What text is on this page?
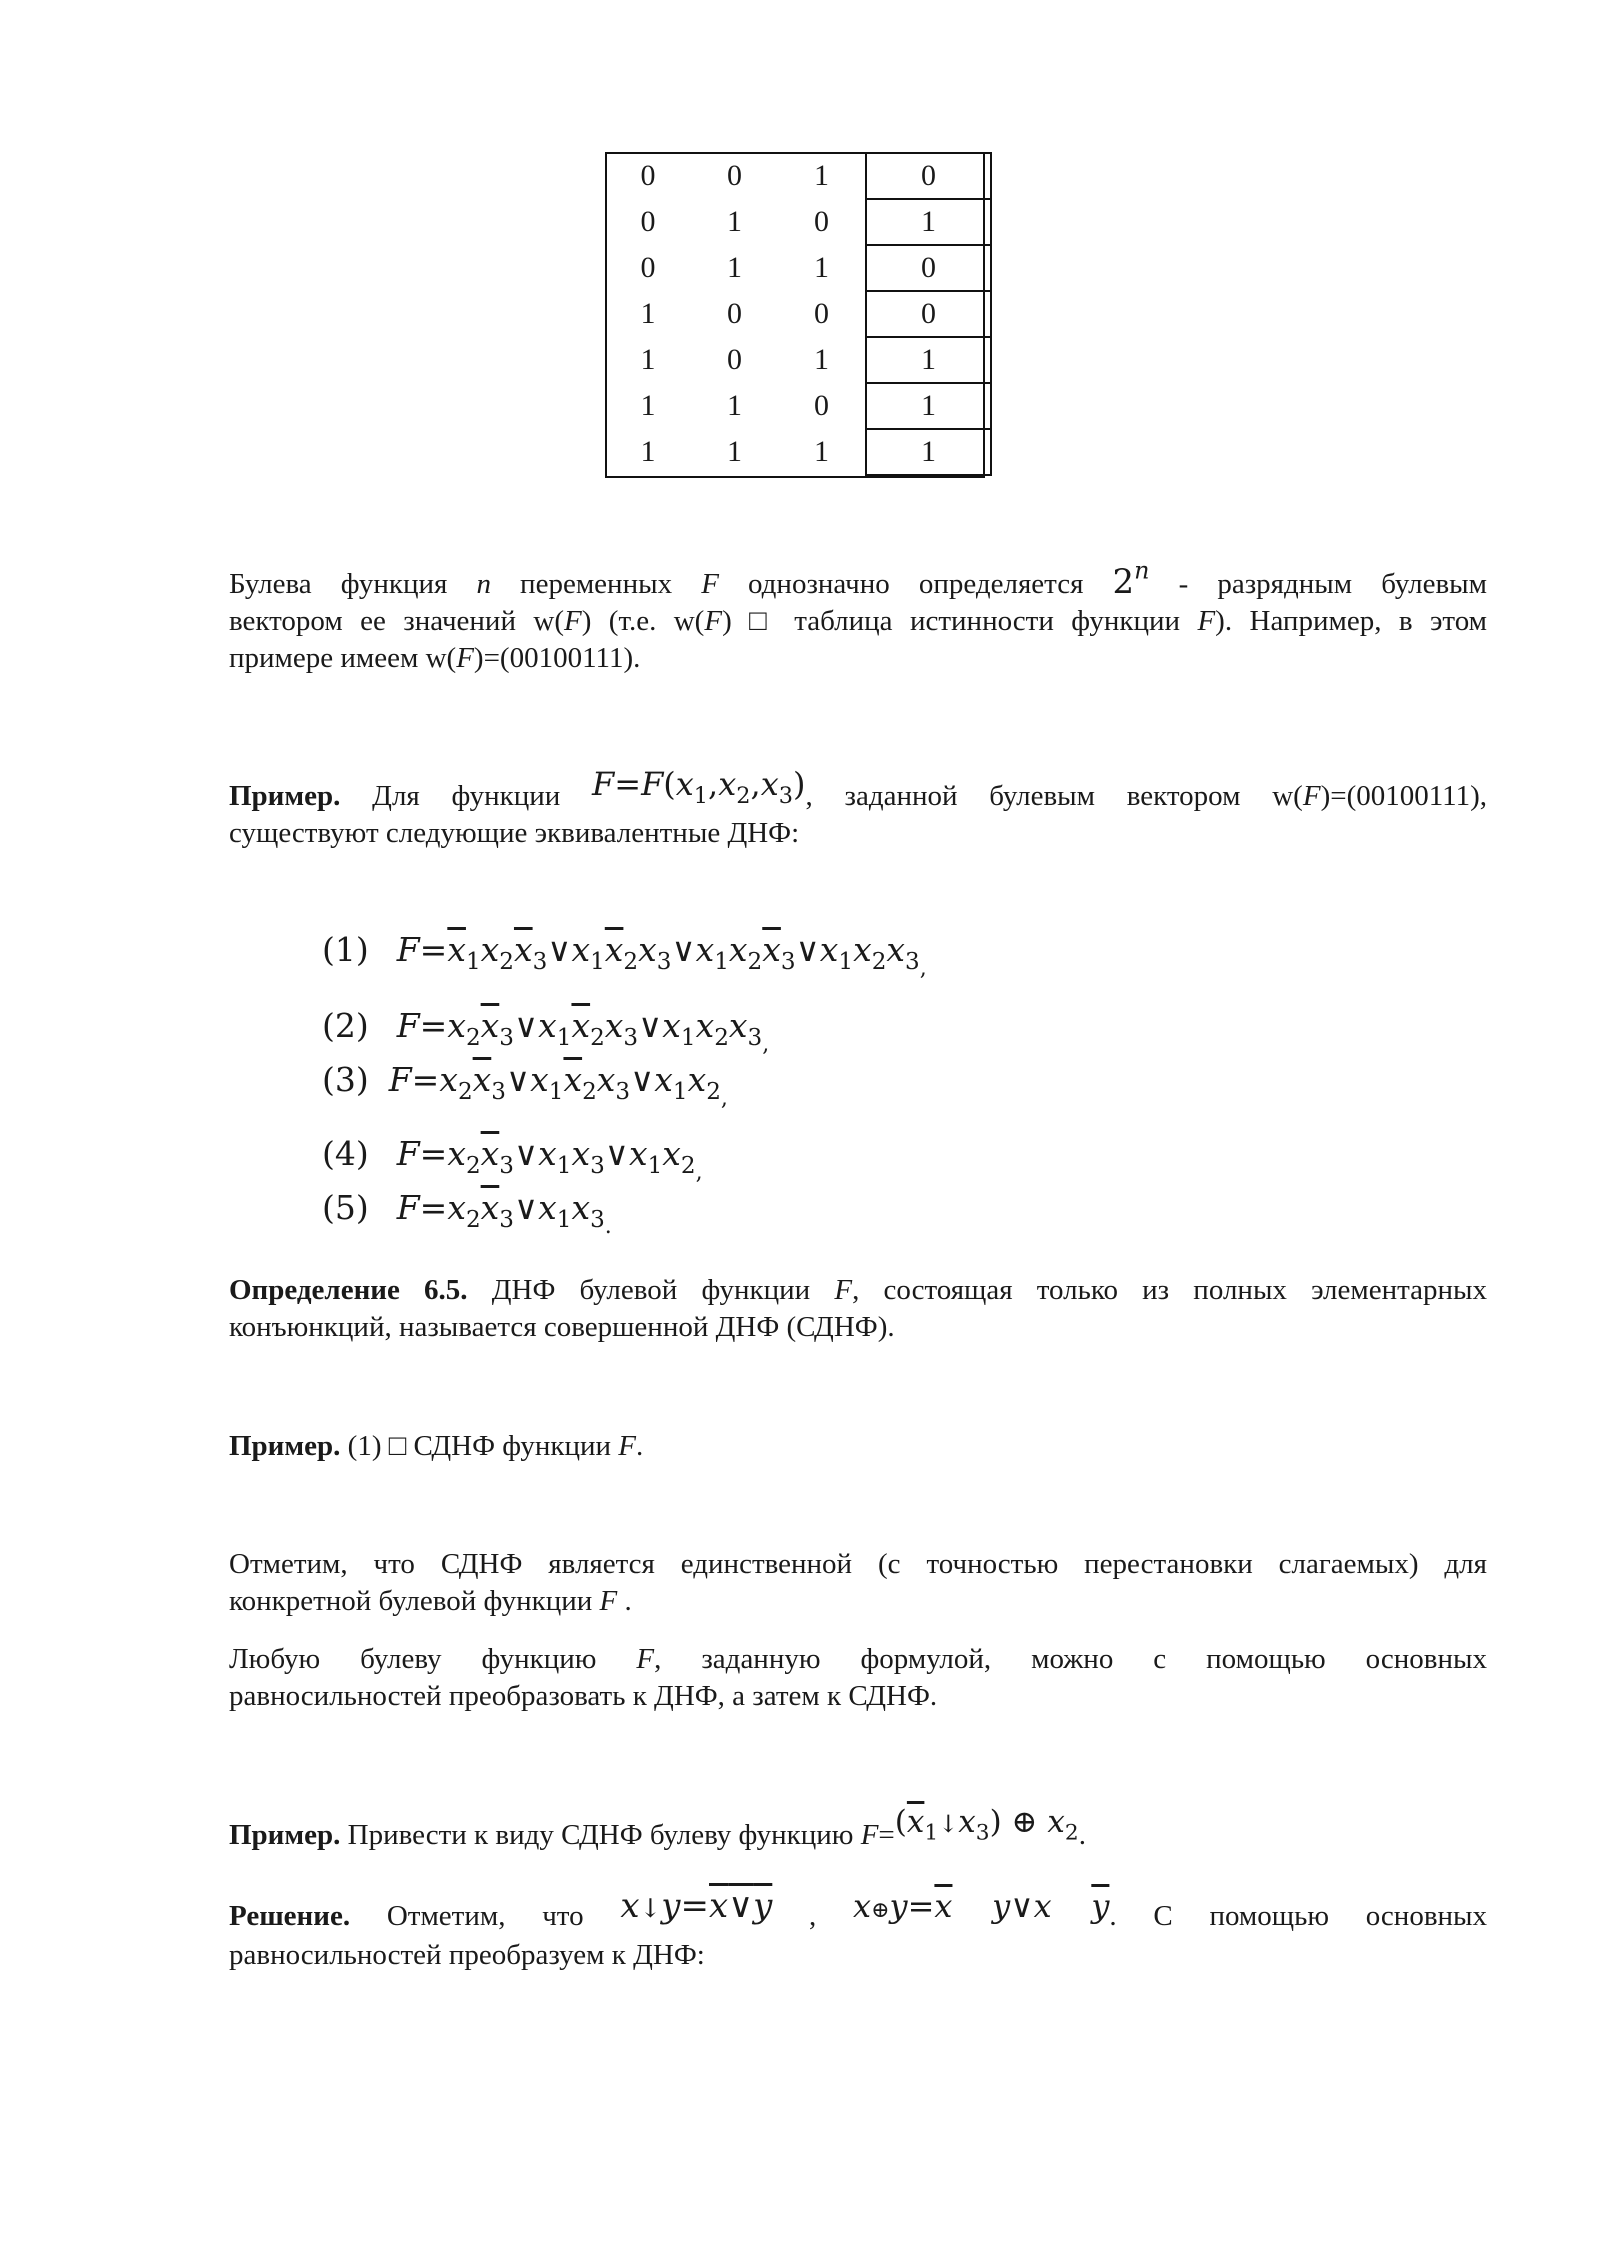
0	0	1	0
0	1	0	1
0	1	1	0
1	0	0	0
1	0	1	1
1	1	0	1
1	1	1	1
Булева функция n переменных F однозначно определяется 2$^n$ - разрядным булевым
вектором ее значений w(F) (т.е. w(F) □ таблица истинности функции F). Например, в этом
примере имеем w(F)=(00100111).
Пример. Для функции $F=F(x_1,x_2,x_3)$, заданной булевым вектором w(F)=(00100111),
существуют следующие эквивалентные ДНФ:
(1) $F=\overline{x}_1x_2\overline{x}_3\vee x_1\overline{x}_2x_3\vee x_1x_2\overline{x}_3\vee x_1x_2x_{3,}$
(2) $F=x_2\overline{x}_3\vee x_1\overline{x}_2x_3\vee x_1x_2x_{3,}$
(3) $F=x_2\overline{x}_3\vee x_1\overline{x}_2x_3\vee x_1x_{2,}$
(4) $F=x_2\overline{x}_3\vee x_1x_3\vee x_1x_{2,}$
(5) $F=x_2\overline{x}_3\vee x_1x_{3.}$
Определение 6.5. ДНФ булевой функции F, состоящая только из полных элементарных
конъюнкций, называется совершенной ДНФ (СДНФ).
Пример. (1) □ СДНФ функции F.
Отметим, что СДНФ является единственной (с точностью перестановки слагаемых) для
конкретной булевой функции F .
Любую булеву функцию F, заданную формулой, можно с помощью основных
равносильностей преобразовать к ДНФ, а затем к СДНФ.
Пример. Привести к виду СДНФ булеву функцию $F=(\overline{x}_1↓x_3)$ ⊕ $x_2$.
Решение. Отметим, что x↓y=x∨y , $x\oplus y=\overline{x}$ y∨x $\overline{y}$. С помощью основных
равносильностей преобразуем к ДНФ:
